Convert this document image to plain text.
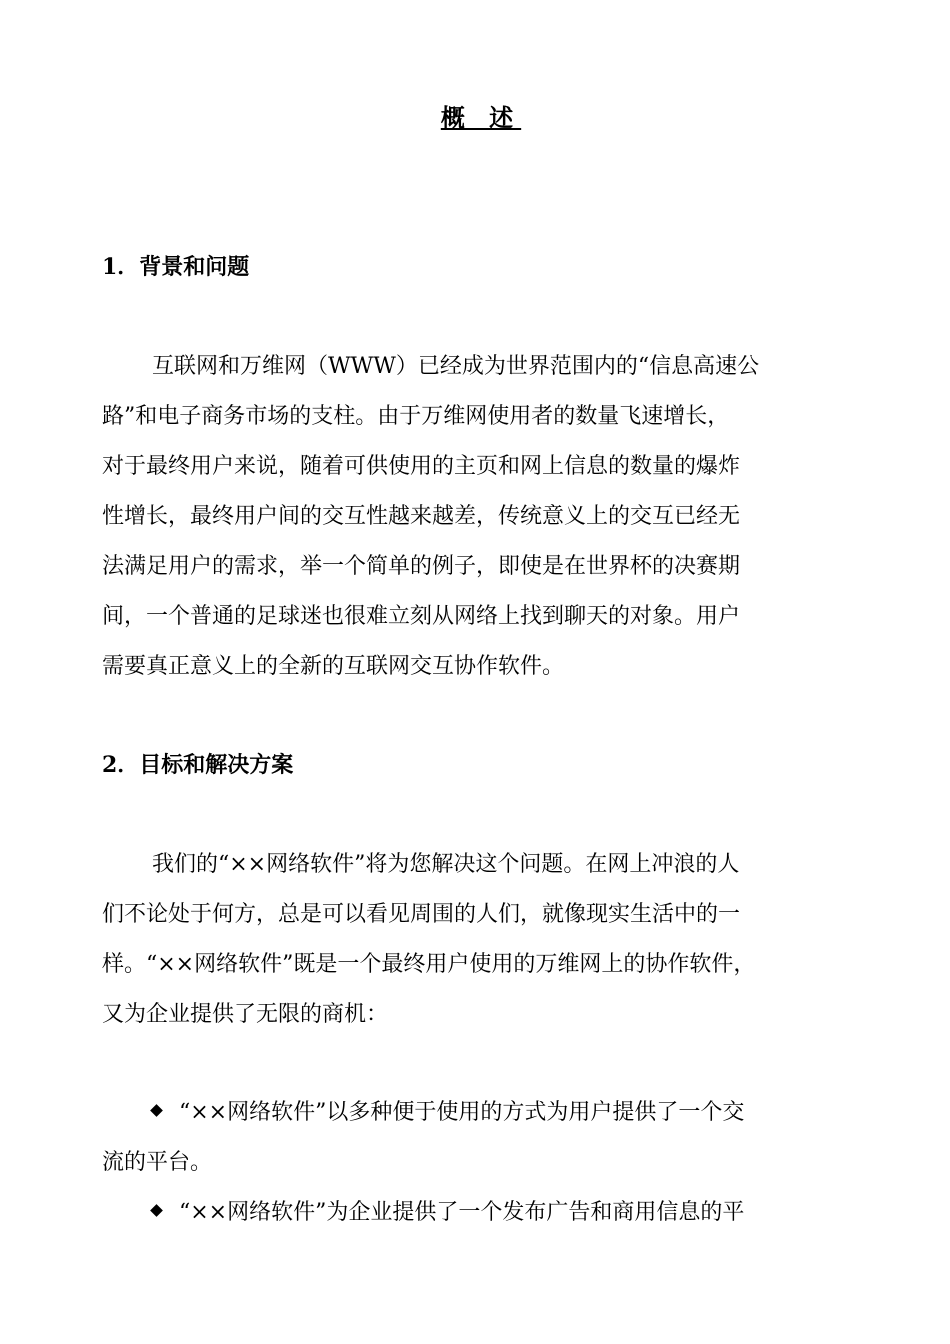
概 述
1．背景和问题
互联网和万维网（WWW）已经成为世界范围内的“信息高速公
路”和电子商务市场的支柱。由于万维网使用者的数量飞速增长，
对于最终用户来说，随着可供使用的主页和网上信息的数量的爆炸
性增长，最终用户间的交互性越来越差，传统意义上的交互已经无
法满足用户的需求，举一个简单的例子，即使是在世界杯的决赛期
间，一个普通的足球迷也很难立刻从网络上找到聊天的对象。用户
需要真正意义上的全新的互联网交互协作软件。
2．目标和解决方案
我们的“××网络软件”将为您解决这个问题。在网上冲浪的人
们不论处于何方，总是可以看见周围的人们，就像现实生活中的一
样。“××网络软件”既是一个最终用户使用的万维网上的协作软件，
又为企业提供了无限的商机：
“××网络软件”以多种便于使用的方式为用户提供了一个交
流的平台。
“××网络软件”为企业提供了一个发布广告和商用信息的平
